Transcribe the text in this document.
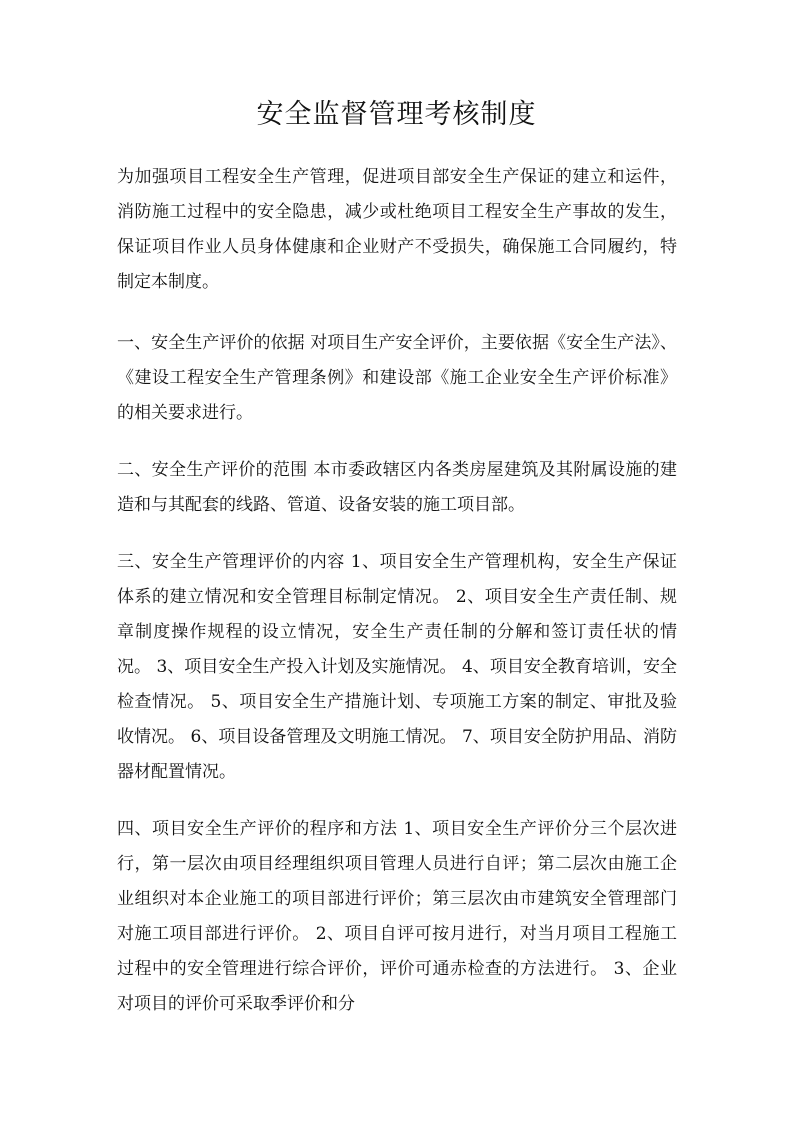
安全监督管理考核制度

为加强项目工程安全生产管理，促进项目部安全生产保证的建立和运件，消防施工过程中的安全隐患，减少或杜绝项目工程安全生产事故的发生，保证项目作业人员身体健康和企业财产不受损失，确保施工合同履约，特制定本制度。

一、安全生产评价的依据 对项目生产安全评价，主要依据《安全生产法》、《建设工程安全生产管理条例》和建设部《施工企业安全生产评价标准》的相关要求进行。

二、安全生产评价的范围 本市委政辖区内各类房屋建筑及其附属设施的建造和与其配套的线路、管道、设备安装的施工项目部。

三、安全生产管理评价的内容 1、项目安全生产管理机构，安全生产保证体系的建立情况和安全管理目标制定情况。 2、项目安全生产责任制、规章制度操作规程的设立情况，安全生产责任制的分解和签订责任状的情况。 3、项目安全生产投入计划及实施情况。 4、项目安全教育培训，安全检查情况。 5、项目安全生产措施计划、专项施工方案的制定、审批及验收情况。 6、项目设备管理及文明施工情况。 7、项目安全防护用品、消防器材配置情况。

四、项目安全生产评价的程序和方法 1、项目安全生产评价分三个层次进行，第一层次由项目经理组织项目管理人员进行自评；第二层次由施工企业组织对本企业施工的项目部进行评价；第三层次由市建筑安全管理部门对施工项目部进行评价。 2、项目自评可按月进行，对当月项目工程施工过程中的安全管理进行综合评价，评价可通赤检查的方法进行。 3、企业对项目的评价可采取季评价和分
